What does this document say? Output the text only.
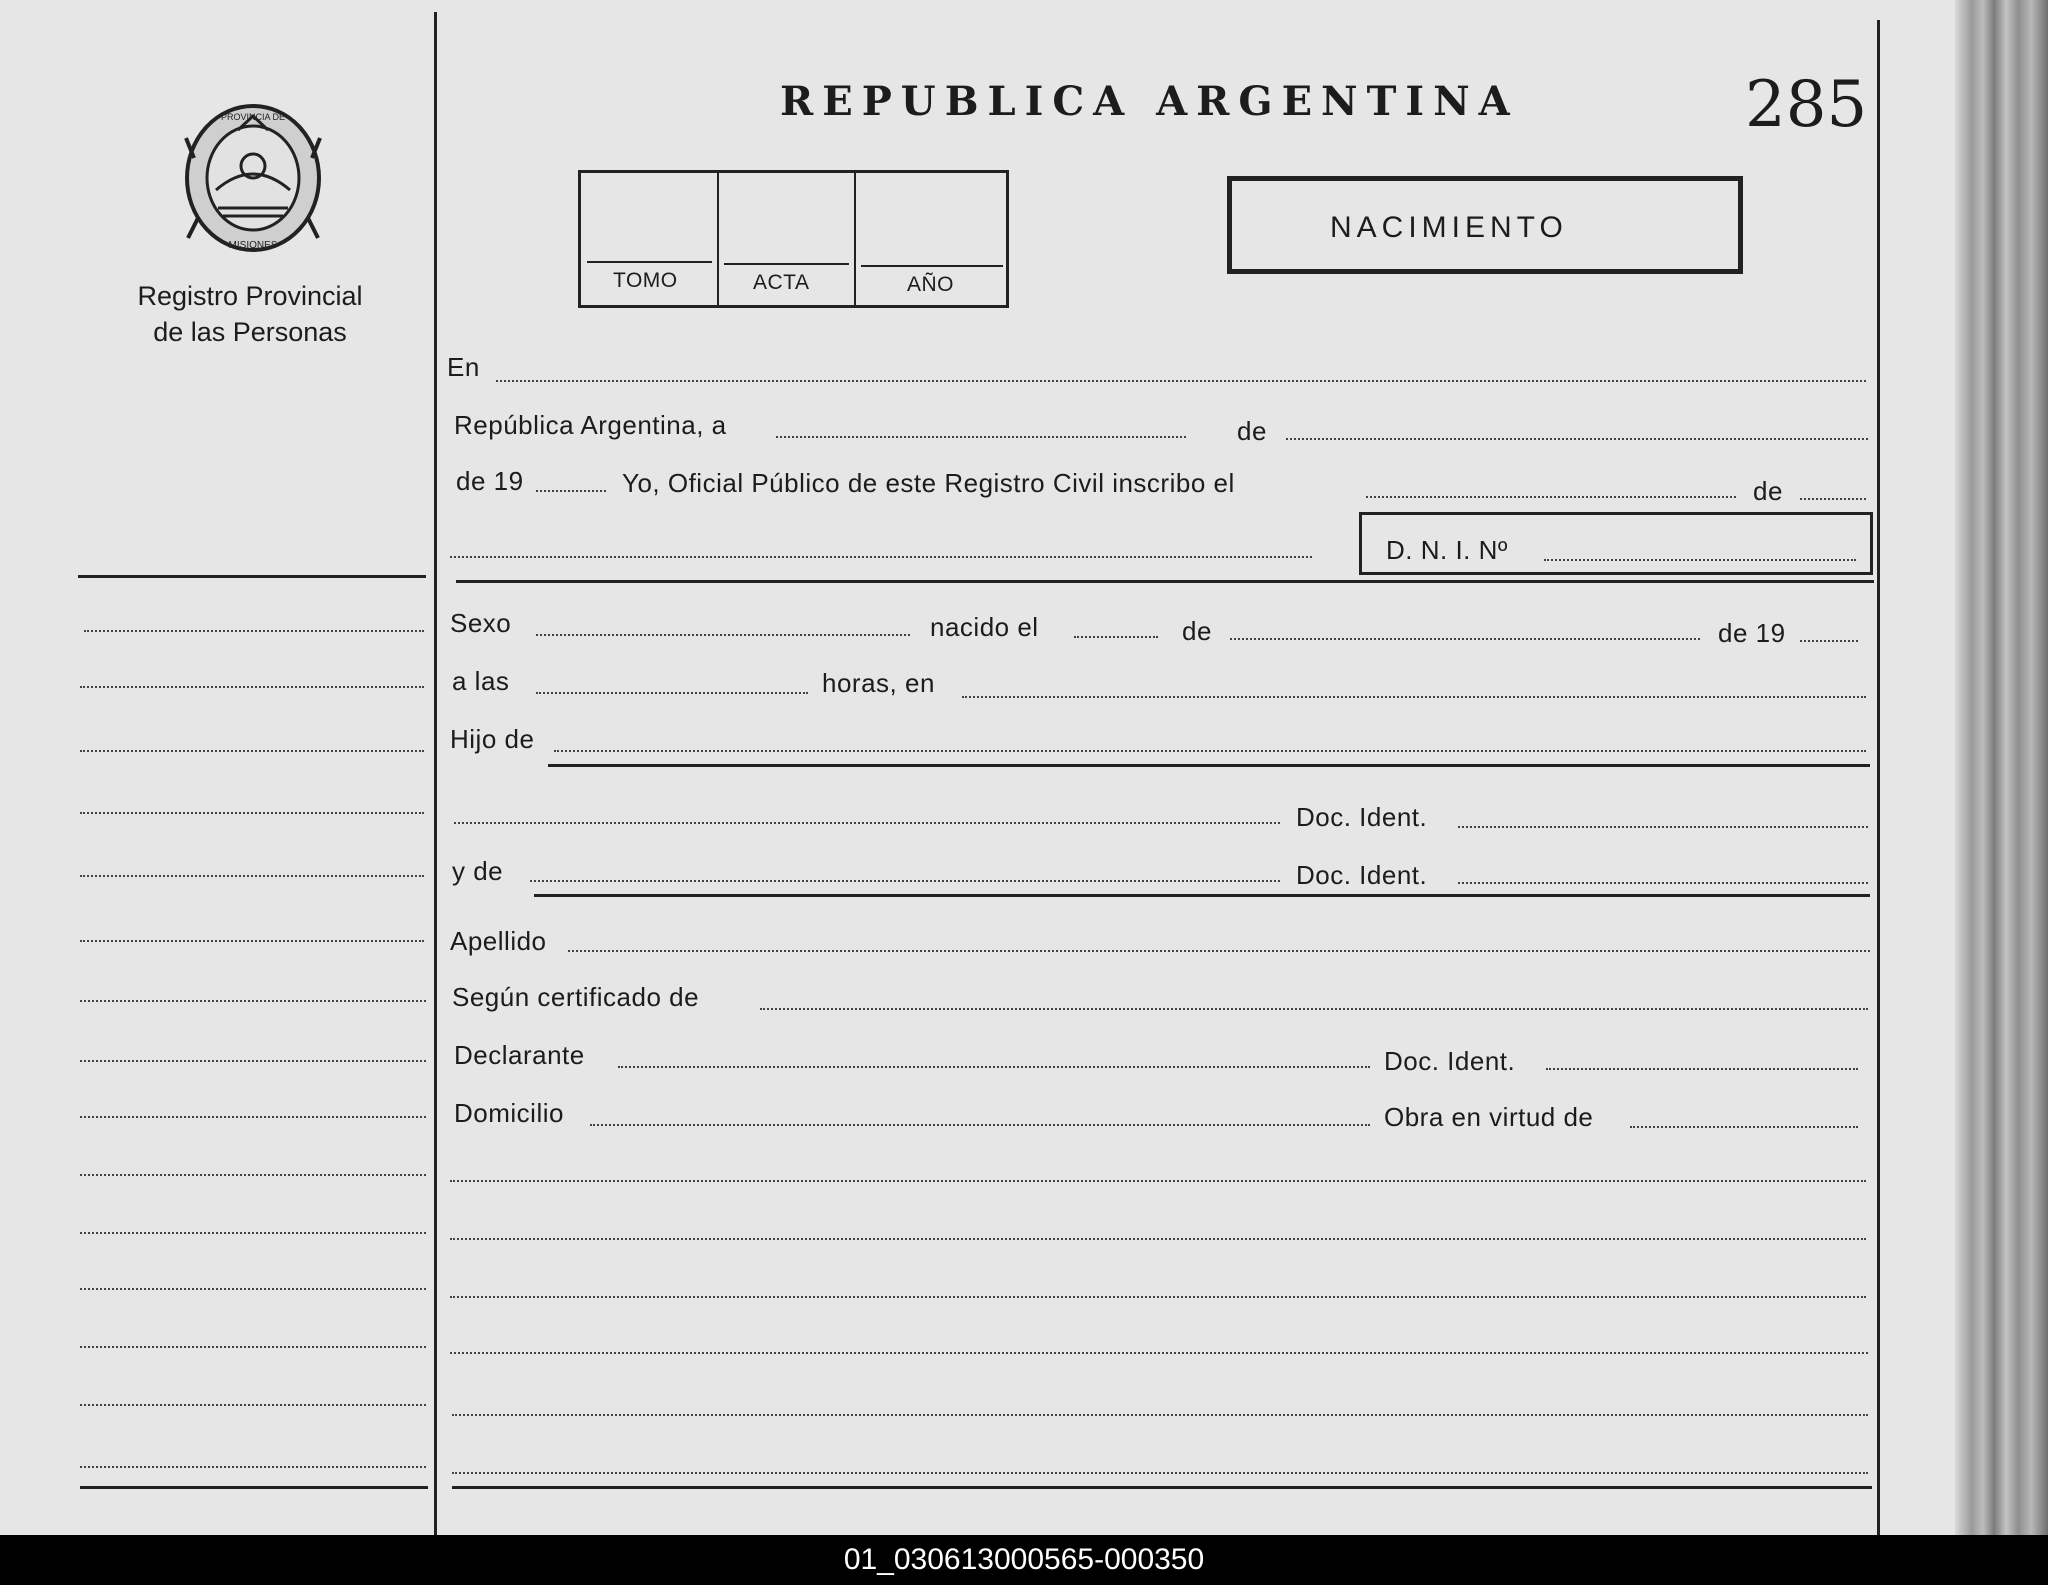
PROVINCIA DE
MISIONES
Registro Provincial
de las Personas
REPUBLICA ARGENTINA	285
TOMO	ACTA	AÑO
NACIMIENTO
En
República Argentina, a	de
de 19	Yo, Oficial Público de este Registro Civil inscribo el	de
D. N. I. Nº
Sexo	nacido el	de	de 19
a las	horas, en
Hijo de
Doc. Ident.
y de	Doc. Ident.
Apellido
Según certificado de
Declarante	Doc. Ident.
Domicilio	Obra en virtud de
01_030613000565-000350
